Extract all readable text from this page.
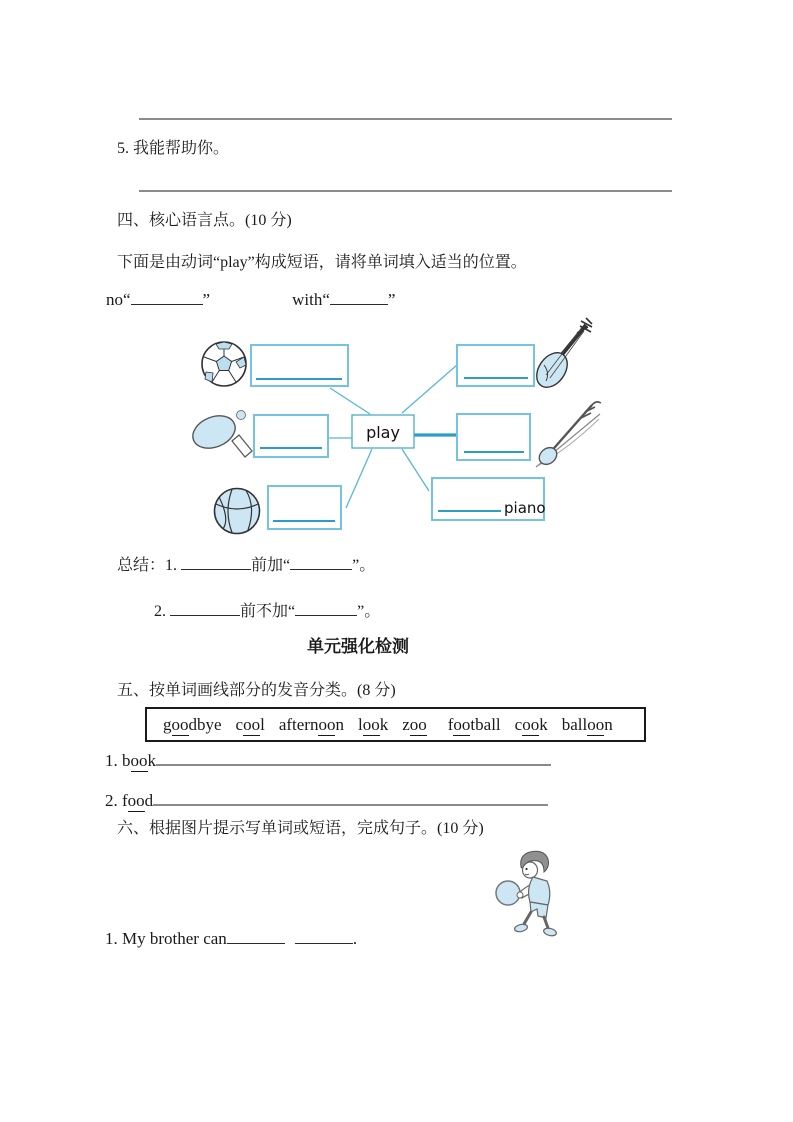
5. 我能帮助你。
四、核心语言点。(10 分)
下面是由动词“play”构成短语，请将单词填入适当的位置。
no“	”	with“	”
play
piano
总结：1.	前加“	”。
2.	前不加“	”。
单元强化检测
五、按单词画线部分的发音分类。(8 分)
goodbye cool afternoon look zoo football cook balloon
1. book
2. food
六、根据图片提示写单词或短语，完成句子。(10 分)
1. My brother can	.
